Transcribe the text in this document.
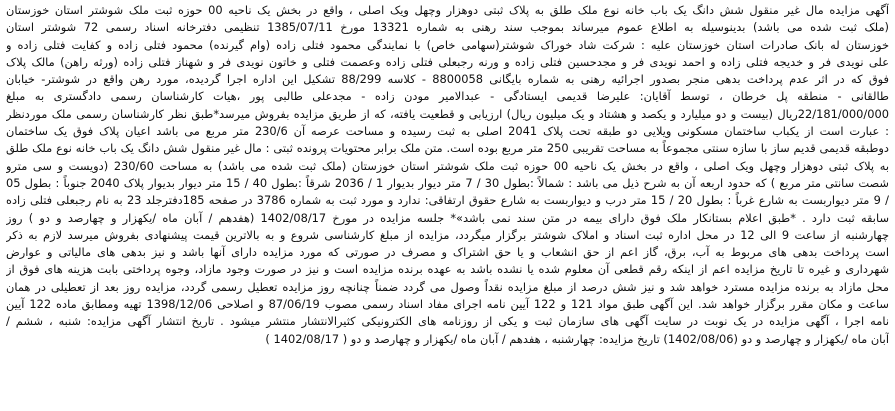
آگهی مزایده مال غیر منقول شش دانگ یک باب خانه نوع ملک طلق به پلاک ثبتی دوهزار وچهل ویک اصلی ، واقع در بخش یک ناحیه 00 حوزه ثبت ملک شوشتر استان خوزستان
(ملک ثبت شده می باشد) بدینوسیله به اطلاع عموم میرساند بموجب سند رهنی به شماره 13321 مورخ 1385/07/11 تنظیمی دفترخانه اسناد رسمی 72 شوشتر استان
خوزستان له بانک صادرات استان خوزستان علیه : شرکت شاد خوراک شوشتر(سهامی خاص) با نمایندگی محمود فتلی زاده (وام گیرنده) محمود فتلی زاده و کفایت فتلی زاده و
علی نویدی فر و خدیجه فتلی زاده و احمد نویدی فر و مجدحسین فتلی زاده و ورنه رجبعلی فتلی زاده وعصمت فتلی و خاتون نویدی فر و شهناز فتلی زاده (ورثه راهن) مالک پلاک
فوق که در اثر عدم پرداخت بدهی منجر بصدور اجرائیه رهنی به شماره بایگانی 8800058 - کلاسه 88/299 تشکیل این اداره اجرا گردیده، مورد رهن واقع در شوشتر- خیابان
طالقانی - منطقه پل خرطان ، توسط آقایان: علیرضا قدیمی ایستادگی - عبدالامیر مودن زاده - مجدعلی طالبی پور ،هیات کارشناسان رسمی دادگستری به مبلغ
22/181/000/000ریال (بیست و دو میلیارد و یکصد و هشتاد و یک میلیون ریال) ارزیابی و قطعیت یافته، که از طریق مزایده بفروش میرسد*طبق نظر کارشناسان رسمی ملک موردنظر
: عبارت است از یکباب ساختمان مسکونی ویلایی دو طبقه تحت پلاک 2041 اصلی به ثبت رسیده و مساحت عرصه آن 230/6 متر مربع می باشد اعیان پلاک فوق یک ساختمان
دوطبقه قدیمی قدیم ساز با سازه سنتی مجموعاً به مساحت تقریبی 250 متر مربع بوده است. متن ملک برابر محتویات پرونده ثبتی : مال غیر منقول شش دانگ یک باب خانه نوع ملک طلق
به پلاک ثبتی دوهزار وچهل ویک اصلی ، واقع در بخش یک ناحیه 00 حوزه ثبت ملک شوشتر استان خوزستان (ملک ثبت شده می باشد) به مساحت 230/60 (دویست و سی مترو
شصت سانتی متر مربع ) که حدود اربعه آن به شرح ذیل می باشد : شمالاً :بطول 30 / 7 متر دیوار بدیوار 1 / 2036 شرقاً :بطول 40 / 15 متر دیوار بدیوار پلاک 2040 جنوباً : بطول 05
/ 9 متر دیواربست به شارع غرباً : بطول 20 / 15 متر درب و دیواربست به شارع حقوق ارتفاقی: ندارد و مورد ثبت به شماره 3786 در صفحه 185دفترجلد 23 به نام رجبعلی فتلی زاده
سابقه ثبت دارد . *طبق اعلام بستانکار ملک فوق دارای بیمه در متن سند نمی باشد»* جلسه مزایده در مورخ 1402/08/17 (هفدهم / آبان ماه /یکهزار و چهارصد و دو ) روز
چهارشنبه از ساعت 9 الی 12 در محل اداره ثبت اسناد و املاک شوشتر برگزار میگردد، مزایده از مبلغ کارشناسی شروع و به بالاترین قیمت پیشنهادی بفروش میرسد لازم به ذکر
است پرداخت بدهی های مربوط به آب، برق، گاز اعم از حق انشعاب و یا حق اشتراک و مصرف در صورتی که مورد مزایده دارای آنها باشد و نیز بدهی های مالیاتی و عوارض
شهرداری و غیره تا تاریخ مزایده اعم از اینکه رقم قطعی آن معلوم شده یا نشده باشد به عهده برنده مزایده است و نیز در صورت وجود مازاد، وجوه پرداختی بابت هزینه های فوق از
محل مازاد به برنده مزایده مسترد خواهد شد و نیز شش درصد از مبلغ مزایده نقداً وصول می گردد ضمناً چنانچه روز مزایده تعطیل رسمی گردد، مزایده روز بعد از تعطیلی در همان
ساعت و مکان مقرر برگزار خواهد شد. این آگهی طبق مواد 121 و 122 آیین نامه اجرای مفاد اسناد رسمی مصوب 87/06/19 و اصلاحی 1398/12/06 تهیه ومطابق ماده 122 آیین
نامه اجرا ، آگهی مزایده در یک نوبت در سایت آگهی های سازمان ثبت و یکی از روزنامه های الکترونیکی کثیرالانتشار منتشر میشود . تاریخ انتشار آگهی مزایده: شنبه ، ششم /
آبان ماه /یکهزار و چهارصد و دو (1402/08/06) تاریخ مزایده: چهارشنبه ، هفدهم / آبان ماه /یکهزار و چهارصد و دو ( 1402/08/17 )
